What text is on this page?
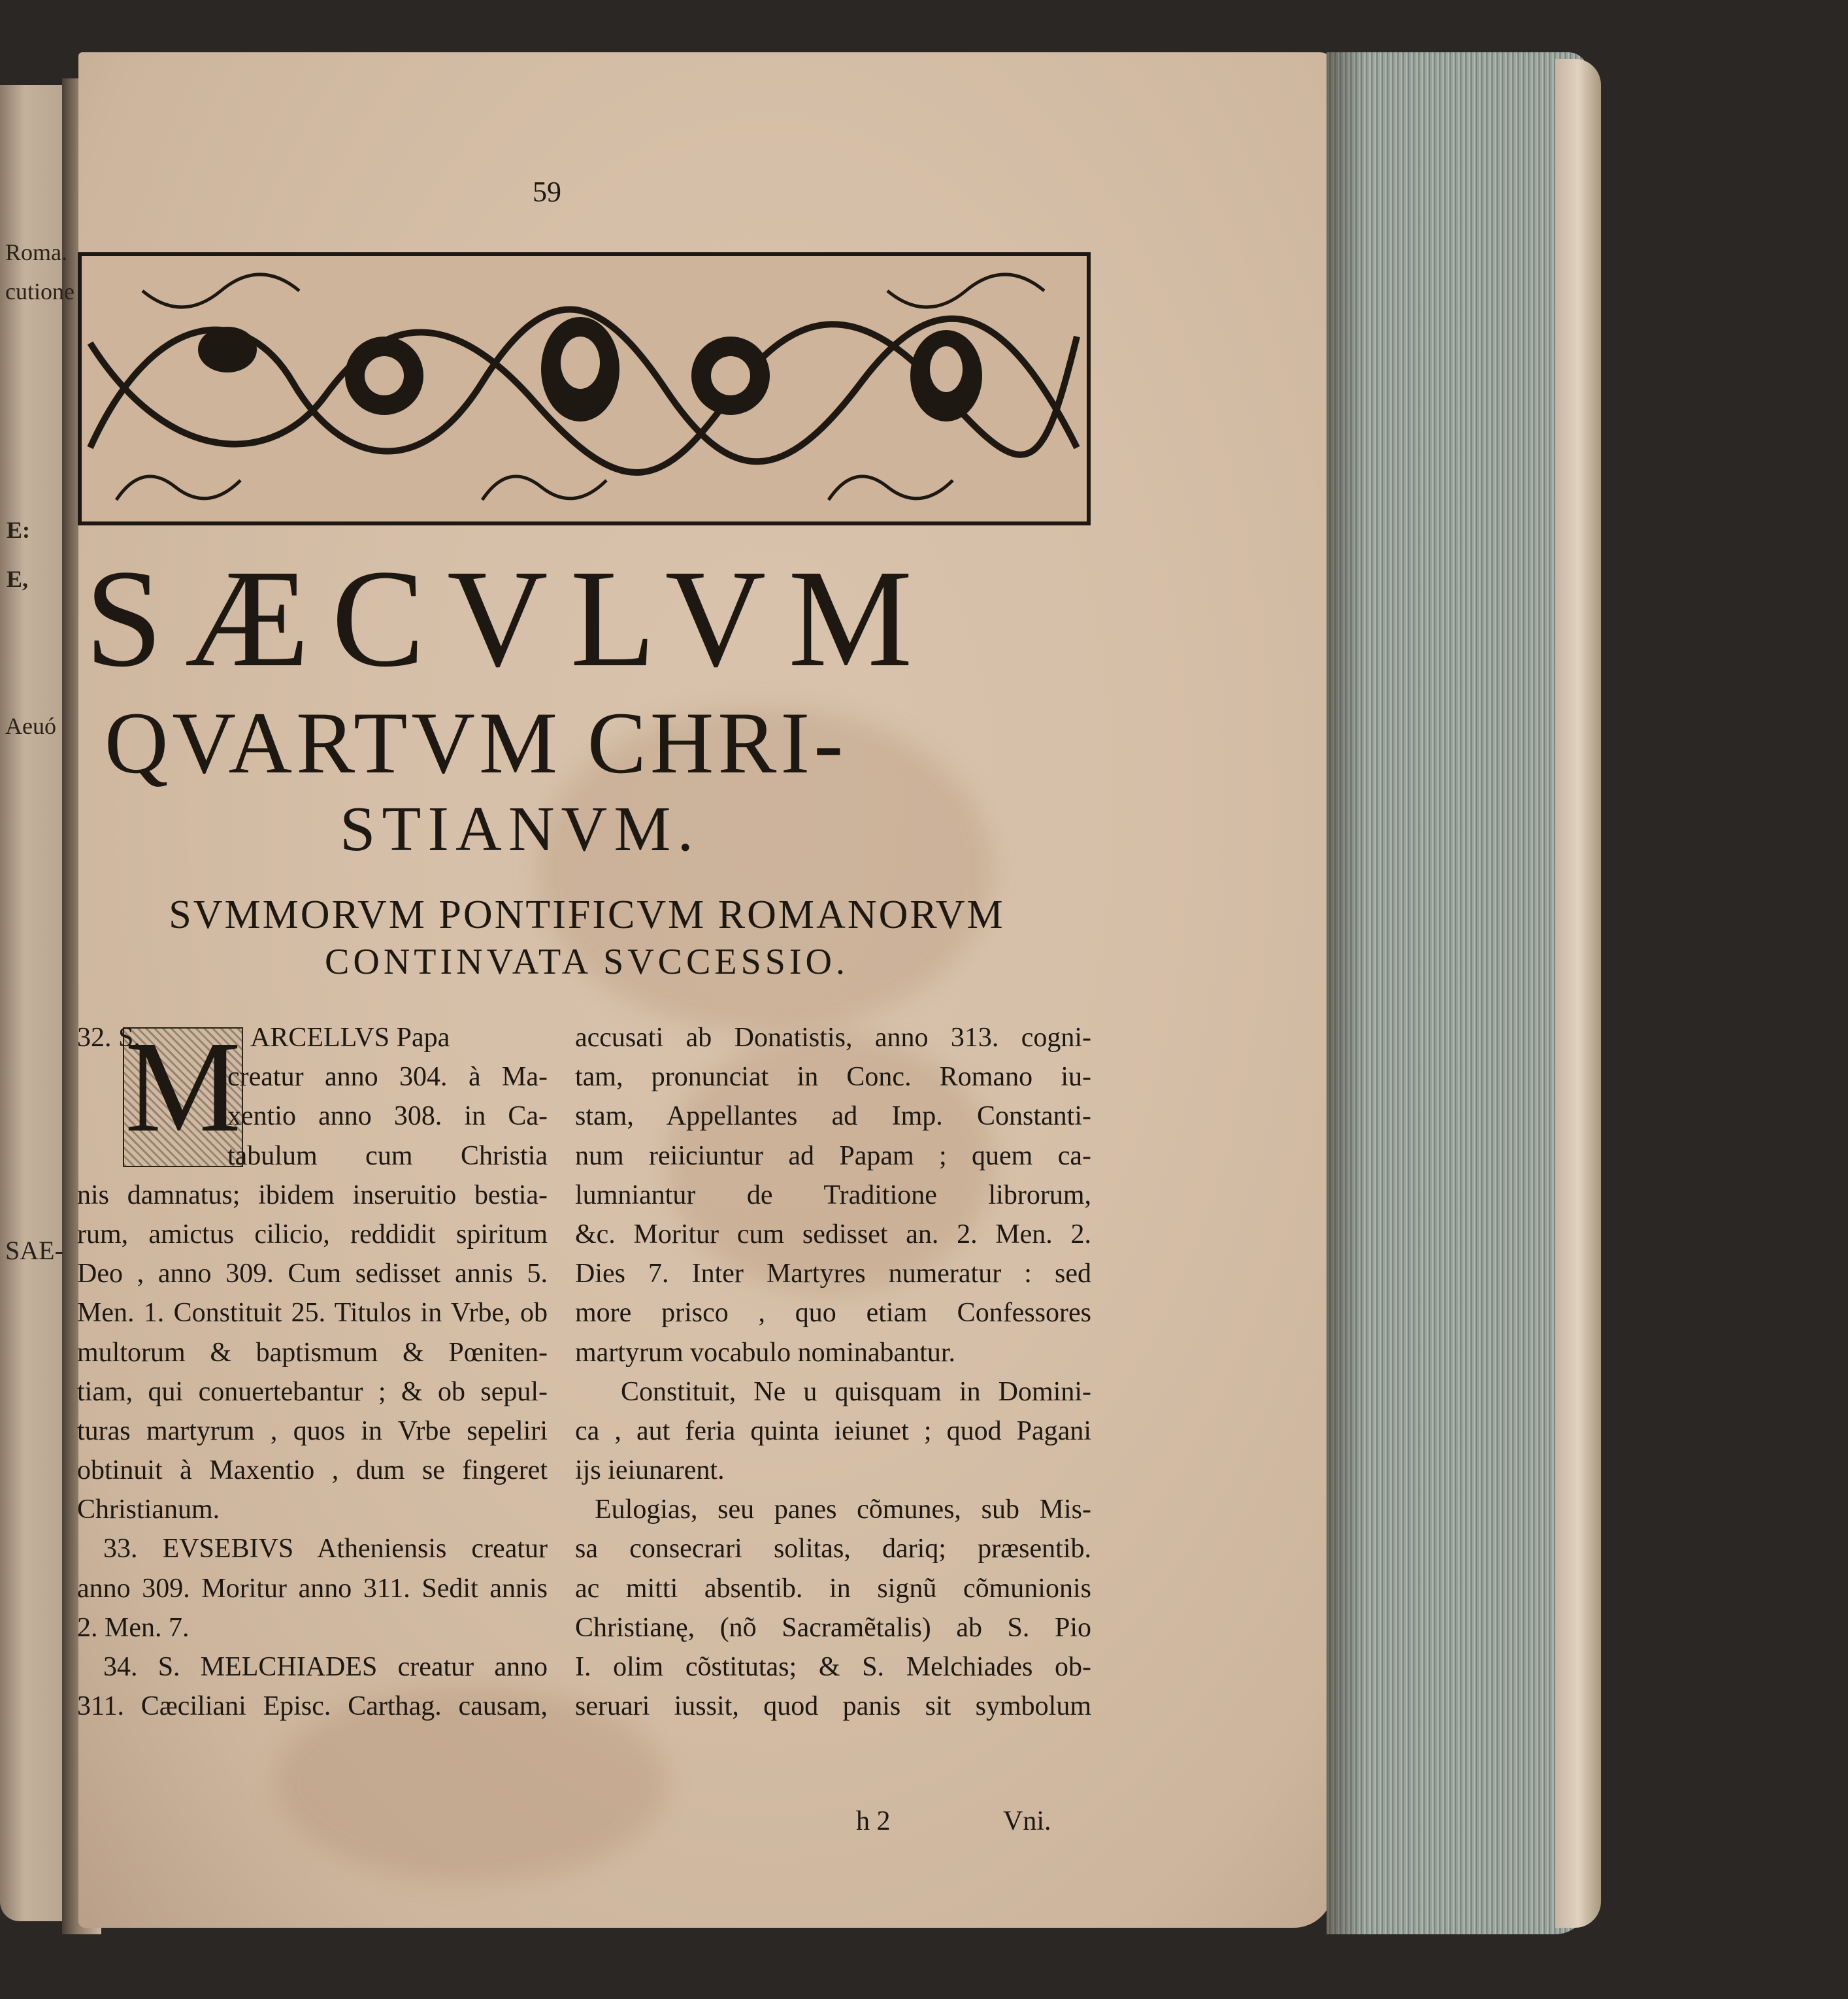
Roma.
cutione
E:
E,
Aeuó
SAE-
59
SÆCVLVM
QVARTVM CHRI-
STIANVM.
SVMMORVM PONTIFICVM ROMANORVM
CONTINVATA SVCCESSIO.
M
32. S.	ARCELLVS Papa
creatur anno 304. à Ma-
xentio anno 308. in Ca-
tabulum cum Christia
nis damnatus; ibidem inseruitio bestia-
rum, amictus cilicio, reddidit spiritum
Deo , anno 309. Cum sedisset annis 5.
Men. 1. Constituit 25. Titulos in Vrbe, ob
multorum & baptismum & Pœniten-
tiam, qui conuertebantur ; & ob sepul-
turas martyrum , quos in Vrbe sepeliri
obtinuit à Maxentio , dum se fingeret
Christianum.
33. EVSEBIVS Atheniensis creatur
anno 309. Moritur anno 311. Sedit annis
2. Men. 7.
34. S. MELCHIADES creatur anno
311. Cæciliani Episc. Carthag. causam,
accusati ab Donatistis, anno 313. cogni-
tam, pronunciat in Conc. Romano iu-
stam, Appellantes ad Imp. Constanti-
num reiiciuntur ad Papam ; quem ca-
lumniantur de Traditione librorum,
&c. Moritur cum sedisset an. 2. Men. 2.
Dies 7. Inter Martyres numeratur : sed
more prisco , quo etiam Confessores
martyrum vocabulo nominabantur.
Constituit, Ne u quisquam in Domini-
ca , aut feria quinta ieiunet ; quod Pagani
ijs ieiunarent.
Eulogias, seu panes cõmunes, sub Mis-
sa consecrari solitas, dariq; præsentib.
ac mitti absentib. in signũ cõmunionis
Christianę, (nõ Sacramẽtalis) ab S. Pio
I. olim cõstitutas; & S. Melchiades ob-
seruari iussit, quod panis sit symbolum
h 2	Vni.
